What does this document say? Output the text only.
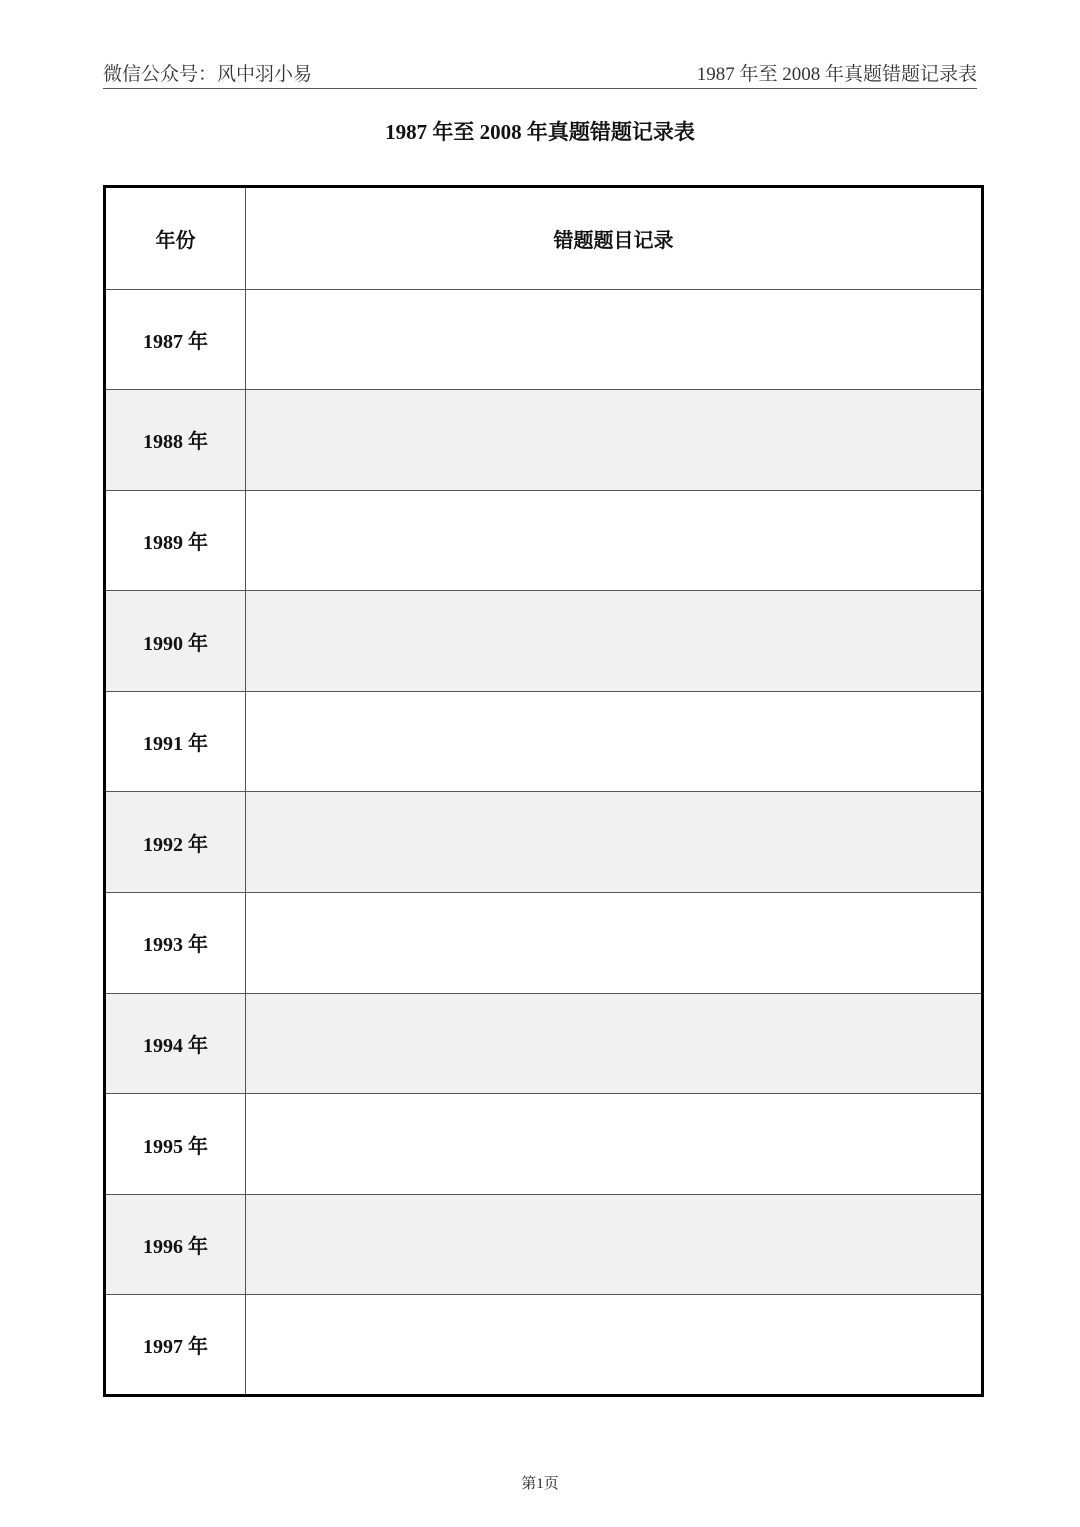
微信公众号：风中羽小易	1987 年至 2008 年真题错题记录表
1987 年至 2008 年真题错题记录表
年份	错题题目记录
1987 年	
1988 年	
1989 年	
1990 年	
1991 年	
1992 年	
1993 年	
1994 年	
1995 年	
1996 年	
1997 年	
第1页
